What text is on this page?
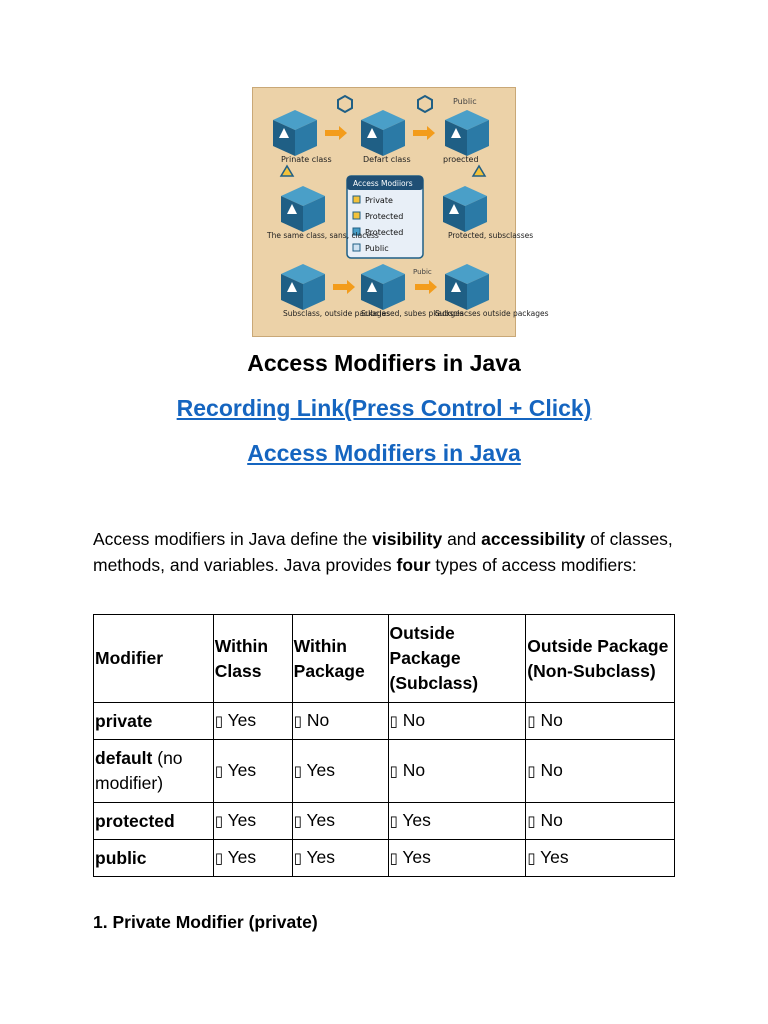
Public
Prinate class	Defart class	proected
Access Modiiors
Private
Protected
Protected
Public
The same class, sans, clacess	Protected, subsclasses
Pubic
Subsclass, outside packages
Subclased, subes pkackges
Subsclacses outside packages
Access Modifiers in Java
Recording Link(Press Control + Click)
Access Modifiers in Java
Access modifiers in Java define the visibility and accessibility of classes, methods, and variables. Java provides four types of access modifiers:
Modifier	Within Class	Within Package	Outside Package (Subclass)	Outside Package (Non-Subclass)
private	▯ Yes	▯ No	▯ No	▯ No
default (no modifier)	▯ Yes	▯ Yes	▯ No	▯ No
protected	▯ Yes	▯ Yes	▯ Yes	▯ No
public	▯ Yes	▯ Yes	▯ Yes	▯ Yes
1. Private Modifier (private)
